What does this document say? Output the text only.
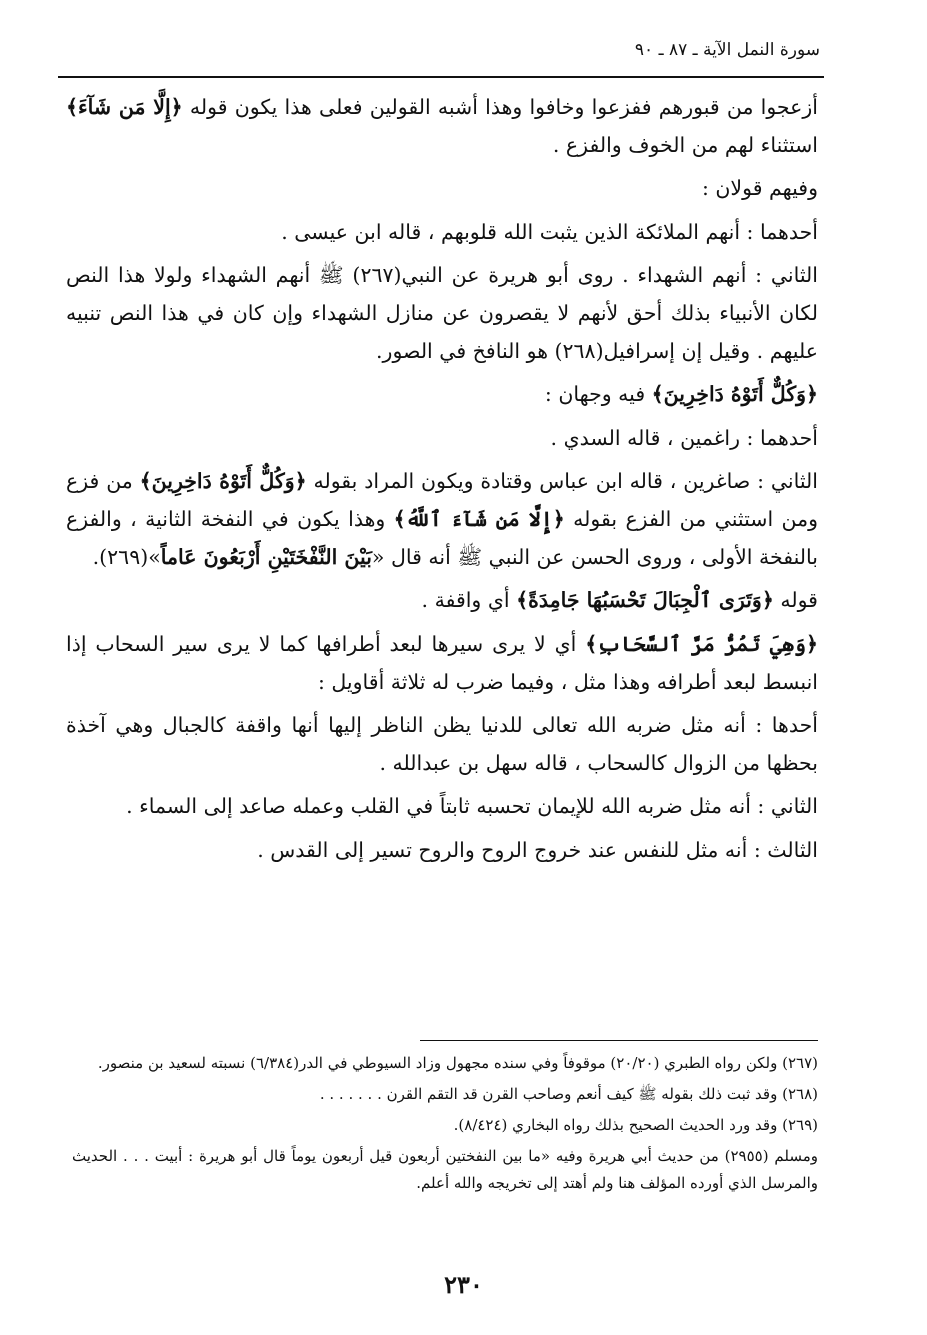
سورة النمل الآية ـ ٨٧ ـ ٩٠

أزعجوا من قبورهم ففزعوا وخافوا وهذا أشبه القولين فعلى هذا يكون قوله ﴿إِلَّا مَن شَآءَ﴾ استثناء لهم من الخوف والفزع .

وفيهم قولان :

أحدهما : أنهم الملائكة الذين يثبت الله قلوبهم ، قاله ابن عيسى .

الثاني : أنهم الشهداء . روى أبو هريرة عن النبي(٢٦٧) ﷺ أنهم الشهداء ولولا هذا النص لكان الأنبياء بذلك أحق لأنهم لا يقصرون عن منازل الشهداء وإن كان في هذا النص تنبيه عليهم . وقيل إن إسرافيل(٢٦٨) هو النافخ في الصور.

﴿وَكُلٌّ أَتَوْهُ دَاخِرِينَ﴾ فيه وجهان :

أحدهما : راغمين ، قاله السدي .

الثاني : صاغرين ، قاله ابن عباس وقتادة ويكون المراد بقوله ﴿وَكُلٌّ أَتَوْهُ دَاخِرِينَ﴾ من فزع ومن استثني من الفزع بقوله ﴿إِلَّا مَن شَآءَ ٱللَّهُ﴾ وهذا يكون في النفخة الثانية ، والفزع بالنفخة الأولى ، وروى الحسن عن النبي ﷺ أنه قال «بَيْنَ النَّفْخَتَيْنِ أَرْبَعُونَ عَاماً»(٢٦٩).

قوله ﴿وَتَرَى ٱلْجِبَالَ تَحْسَبُهَا جَامِدَةً﴾ أي واقفة .

﴿وَهِيَ تَمُرُّ مَرَّ ٱلسَّحَابِ﴾ أي لا يرى سيرها لبعد أطرافها كما لا يرى سير السحاب إذا انبسط لبعد أطرافه وهذا مثل ، وفيما ضرب له ثلاثة أقاويل :

أحدها : أنه مثل ضربه الله تعالى للدنيا يظن الناظر إليها أنها واقفة كالجبال وهي آخذة بحظها من الزوال كالسحاب ، قاله سهل بن عبدالله .

الثاني : أنه مثل ضربه الله للإيمان تحسبه ثابتاً في القلب وعمله صاعد إلى السماء .

الثالث : أنه مثل للنفس عند خروج الروح والروح تسير إلى القدس .

(٢٦٧) ولكن رواه الطبري (٢٠/٢٠) موقوفاً وفي سنده مجهول وزاد السيوطي في الدر(٦/٣٨٤) نسبته لسعيد بن منصور.

(٢٦٨) وقد ثبت ذلك بقوله ﷺ كيف أنعم وصاحب القرن قد التقم القرن . . . . . . .

(٢٦٩) وقد ورد الحديث الصحيح بذلك رواه البخاري (٨/٤٢٤).

ومسلم (٢٩٥٥) من حديث أبي هريرة وفيه «ما بين النفختين أربعون قيل أربعون يوماً قال أبو هريرة : أبيت . . . الحديث والمرسل الذي أورده المؤلف هنا ولم أهتد إلى تخريجه والله أعلم.

٢٣٠
